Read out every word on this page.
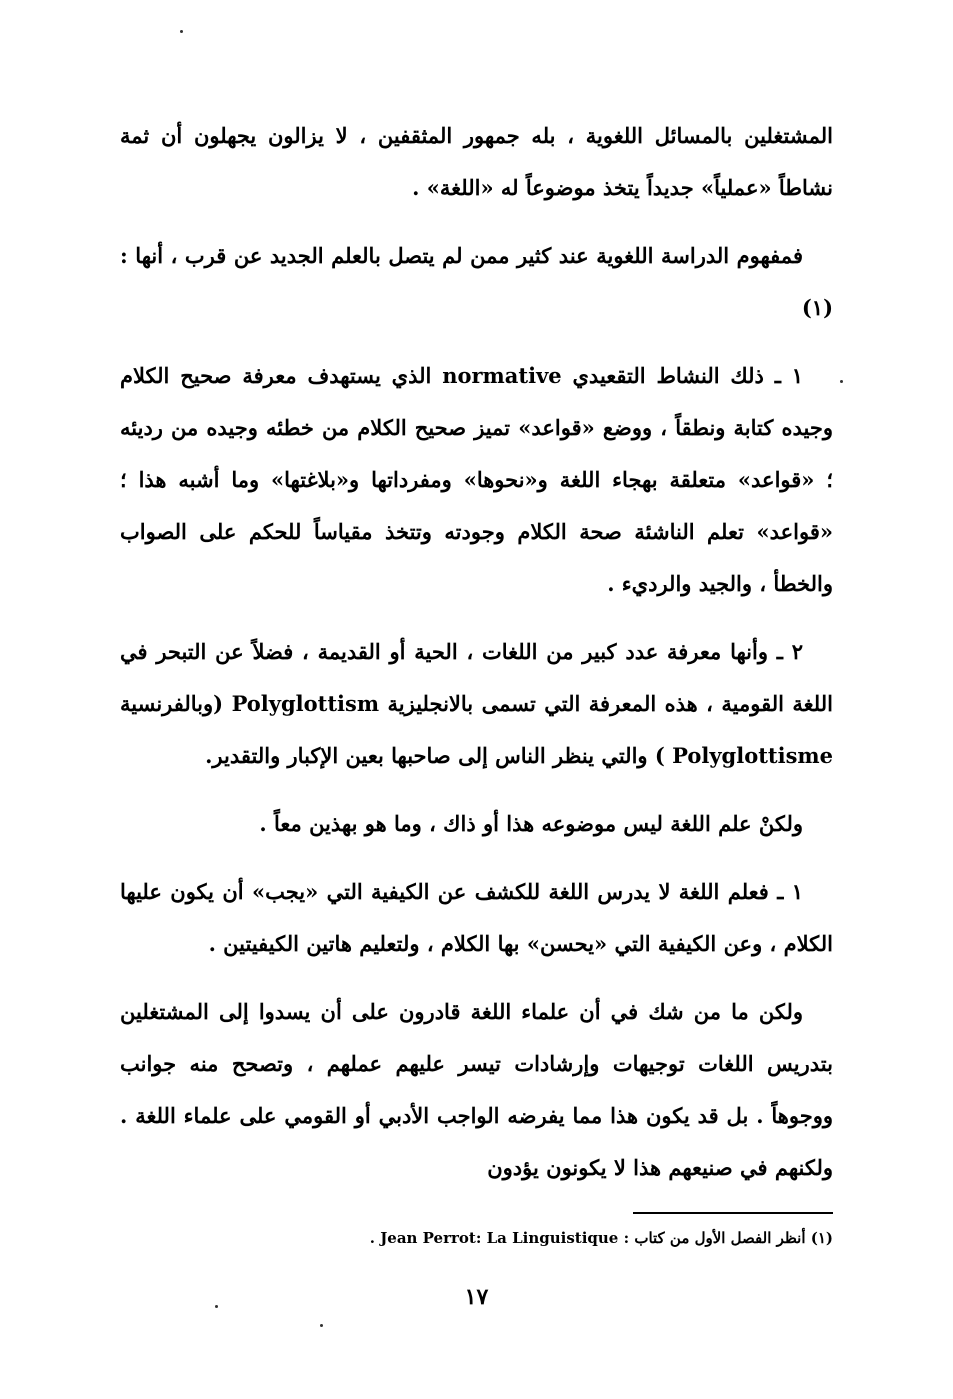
المشتغلين بالمسائل اللغوية ، بله جمهور المثقفين ، لا يزالون يجهلون أن ثمة نشاطاً «عملياً» جديداً يتخذ موضوعاً له «اللغة» .

فمفهوم الدراسة اللغوية عند كثير ممن لم يتصل بالعلم الجديد عن قرب ، أنها : (١)

١ ـ ذلك النشاط التقعيدي normative الذي يستهدف معرفة صحيح الكلام وجيده كتابة ونطقاً ، ووضع «قواعد» تميز صحيح الكلام من خطئه وجيده من رديئه ؛ «قواعد» متعلقة بهجاء اللغة و«نحوها» ومفرداتها و«بلاغتها» وما أشبه هذا ؛ «قواعد» تعلم الناشئة صحة الكلام وجودته وتتخذ مقياساً للحكم على الصواب والخطأ ، والجيد والرديء .

٢ ـ وأنها معرفة عدد كبير من اللغات ، الحية أو القديمة ، فضلاً عن التبحر في اللغة القومية ، هذه المعرفة التي تسمى بالانجليزية Polyglottism (وبالفرنسية Polyglottisme ) والتي ينظر الناس إلى صاحبها بعين الإكبار والتقدير.

ولكنْ علم اللغة ليس موضوعه هذا أو ذاك ، وما هو بهذين معاً .

١ ـ فعلم اللغة لا يدرس اللغة للكشف عن الكيفية التي «يجب» أن يكون عليها الكلام ، وعن الكيفية التي «يحسن» بها الكلام ، ولتعليم هاتين الكيفيتين .

ولكن ما من شك في أن علماء اللغة قادرون على أن يسدوا إلى المشتغلين بتدريس اللغات توجيهات وإرشادات تيسر عليهم عملهم ، وتصحح منه جوانب ووجوهاً . بل قد يكون هذا مما يفرضه الواجب الأدبي أو القومي على علماء اللغة . ولكنهم في صنيعهم هذا لا يكونون يؤدون

(١) أنظر الفصل الأول من كتاب : Jean Perrot: La Linguistique .
١٧
